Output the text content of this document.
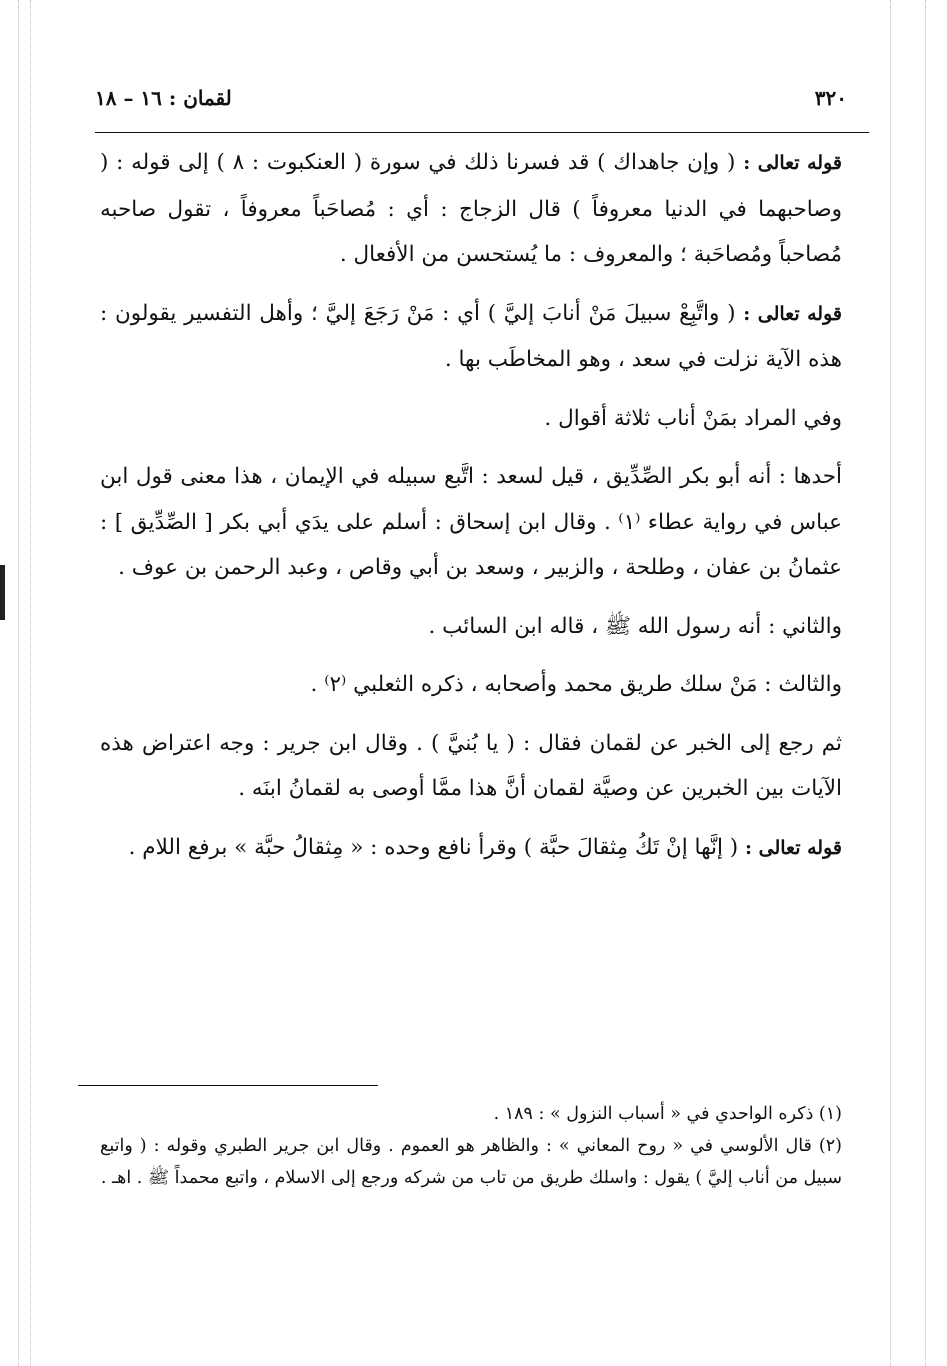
٣٢٠
لقمان : ١٦ – ١٨

قوله تعالى : ( وإن جاهداك ) قد فسرنا ذلك في سورة ( العنكبوت : ٨ ) إلى قوله : ( وصاحبهما في الدنيا معروفاً ) قال الزجاج : أي : مُصاحَباً معروفاً ، تقول صاحبه مُصاحباً ومُصاحَبة ؛ والمعروف : ما يُستحسن من الأفعال .

قوله تعالى : ( واتَّبِعْ سبيلَ مَنْ أنابَ إليَّ ) أي : مَنْ رَجَعَ إليَّ ؛ وأهل التفسير يقولون : هذه الآية نزلت في سعد ، وهو المخاطَب بها .

وفي المراد بمَنْ أناب ثلاثة أقوال .

أحدها : أنه أبو بكر الصِّدِّيق ، قيل لسعد : اتَّبع سبيله في الإيمان ، هذا معنى قول ابن عباس في رواية عطاء ⁽١⁾ . وقال ابن إسحاق : أسلم على يدَي أبي بكر [ الصِّدِّيق ] : عثمانُ بن عفان ، وطلحة ، والزبير ، وسعد بن أبي وقاص ، وعبد الرحمن بن عوف .

والثاني : أنه رسول الله ﷺ ، قاله ابن السائب .

والثالث : مَنْ سلك طريق محمد وأصحابه ، ذكره الثعلبي ⁽٢⁾ .

ثم رجع إلى الخبر عن لقمان فقال : ( يا بُنيَّ ) . وقال ابن جرير : وجه اعتراض هذه الآيات بين الخبرين عن وصيَّة لقمان أنَّ هذا ممَّا أوصى به لقمانُ ابنَه .

قوله تعالى : ( إنَّها إنْ تَكُ مِثقالَ حبَّة ) وقرأ نافع وحده : « مِثقالُ حبَّة » برفع اللام .

(١) ذكره الواحدي في « أسباب النزول » : ١٨٩ .

(٢) قال الألوسي في « روح المعاني » : والظاهر هو العموم . وقال ابن جرير الطبري وقوله : ( واتبع سبيل من أناب إليَّ ) يقول : واسلك طريق من تاب من شركه ورجع إلى الاسلام ، واتبع محمداً ﷺ . اهـ .
